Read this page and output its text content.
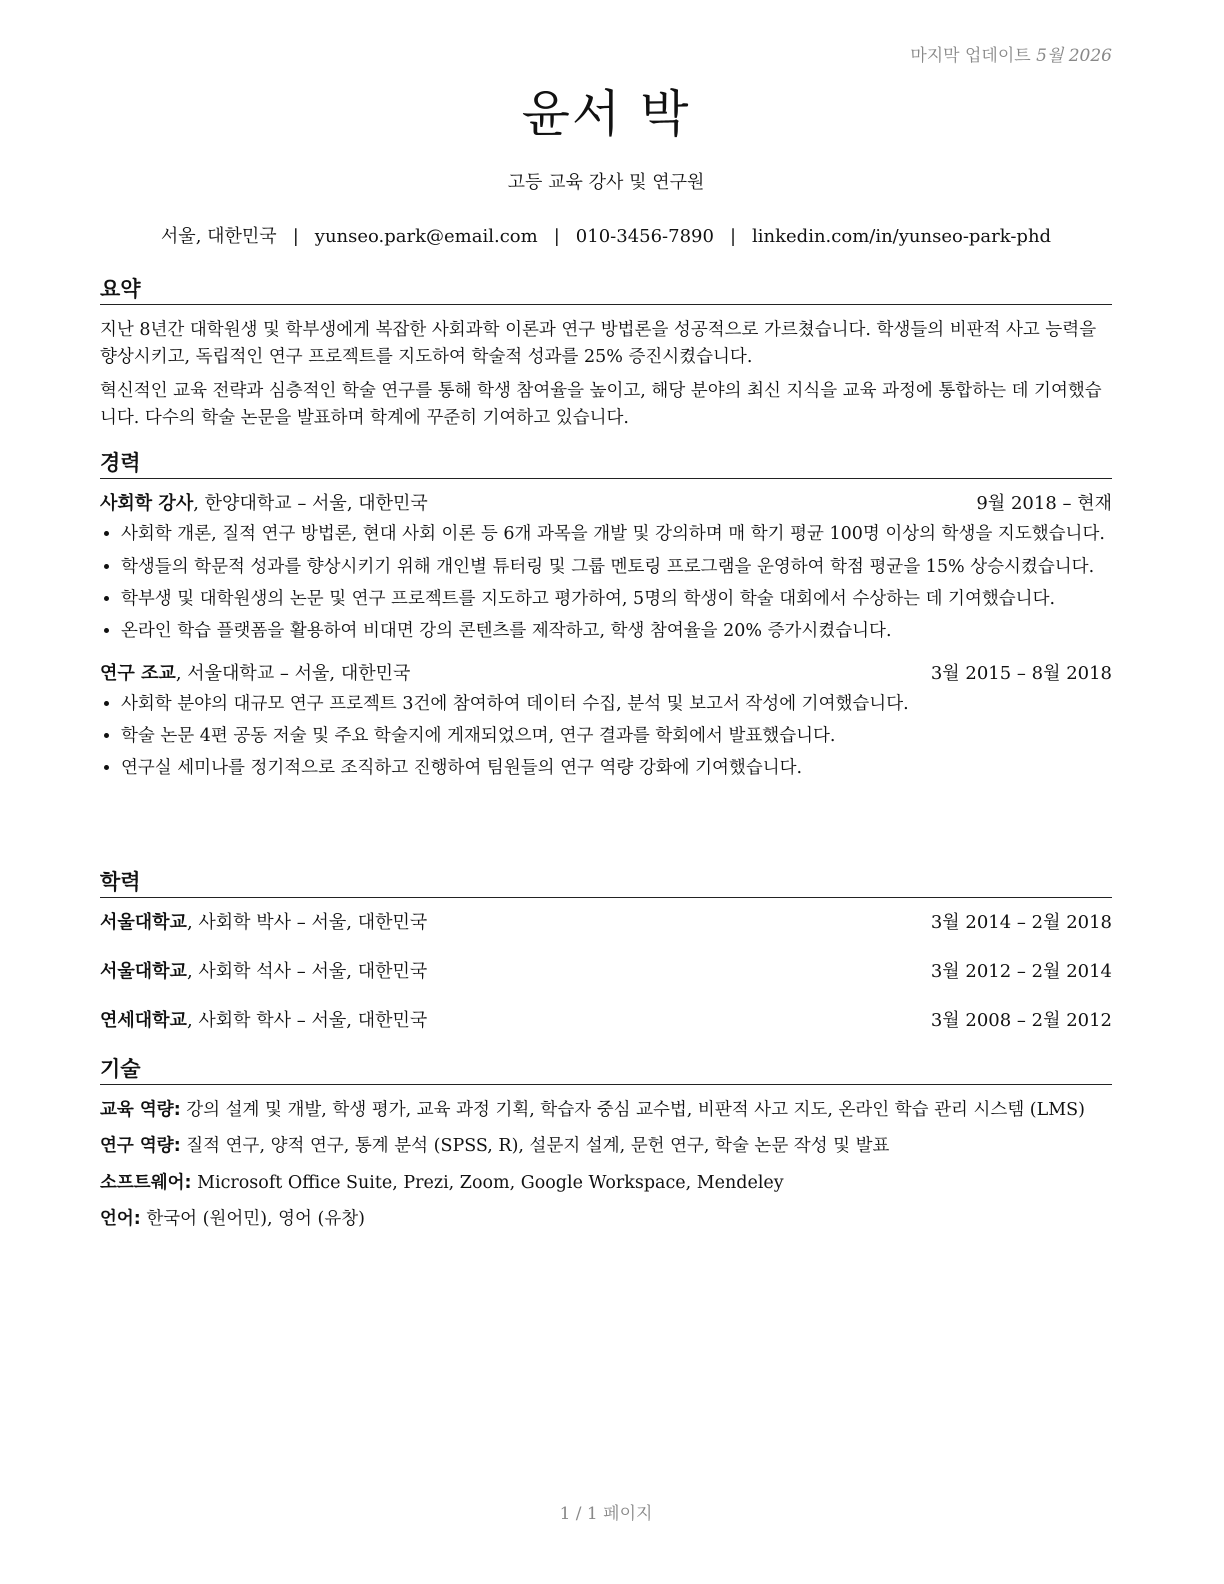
마지막 업데이트 5월 2026
윤서 박
고등 교육 강사 및 연구원
서울, 대한민국 | yunseo.park@email.com | 010-3456-7890 | linkedin.com/in/yunseo-park-phd
요약

지난 8년간 대학원생 및 학부생에게 복잡한 사회과학 이론과 연구 방법론을 성공적으로 가르쳤습니다. 학생들의 비판적 사고 능력을 향상시키고, 독립적인 연구 프로젝트를 지도하여 학술적 성과를 25% 증진시켰습니다.

혁신적인 교육 전략과 심층적인 학술 연구를 통해 학생 참여율을 높이고, 해당 분야의 최신 지식을 교육 과정에 통합하는 데 기여했습니다. 다수의 학술 논문을 발표하며 학계에 꾸준히 기여하고 있습니다.

경력
사회학 강사, 한양대학교 – 서울, 대한민국	9월 2018 – 현재
• 사회학 개론, 질적 연구 방법론, 현대 사회 이론 등 6개 과목을 개발 및 강의하며 매 학기 평균 100명 이상의 학생을 지도했습니다.
• 학생들의 학문적 성과를 향상시키기 위해 개인별 튜터링 및 그룹 멘토링 프로그램을 운영하여 학점 평균을 15% 상승시켰습니다.
• 학부생 및 대학원생의 논문 및 연구 프로젝트를 지도하고 평가하여, 5명의 학생이 학술 대회에서 수상하는 데 기여했습니다.
• 온라인 학습 플랫폼을 활용하여 비대면 강의 콘텐츠를 제작하고, 학생 참여율을 20% 증가시켰습니다.
연구 조교, 서울대학교 – 서울, 대한민국	3월 2015 – 8월 2018
• 사회학 분야의 대규모 연구 프로젝트 3건에 참여하여 데이터 수집, 분석 및 보고서 작성에 기여했습니다.
• 학술 논문 4편 공동 저술 및 주요 학술지에 게재되었으며, 연구 결과를 학회에서 발표했습니다.
• 연구실 세미나를 정기적으로 조직하고 진행하여 팀원들의 연구 역량 강화에 기여했습니다.
학력
서울대학교, 사회학 박사 – 서울, 대한민국	3월 2014 – 2월 2018
서울대학교, 사회학 석사 – 서울, 대한민국	3월 2012 – 2월 2014
연세대학교, 사회학 학사 – 서울, 대한민국	3월 2008 – 2월 2012
기술
교육 역량: 강의 설계 및 개발, 학생 평가, 교육 과정 기획, 학습자 중심 교수법, 비판적 사고 지도, 온라인 학습 관리 시스템 (LMS)
연구 역량: 질적 연구, 양적 연구, 통계 분석 (SPSS, R), 설문지 설계, 문헌 연구, 학술 논문 작성 및 발표
소프트웨어: Microsoft Office Suite, Prezi, Zoom, Google Workspace, Mendeley
언어: 한국어 (원어민), 영어 (유창)
1 / 1 페이지
